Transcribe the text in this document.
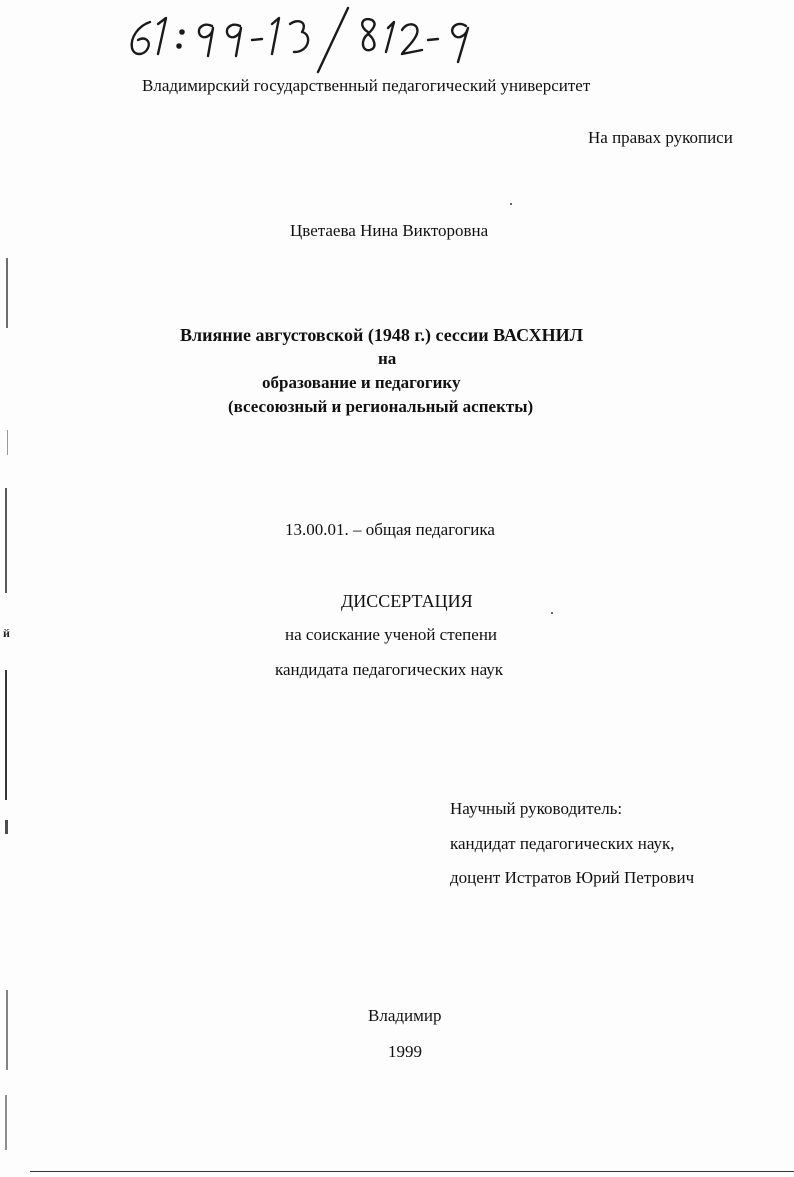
й

Владимирский государственный педагогический университет

На правах рукописи

Цветаева Нина Викторовна

Влияние августовской (1948 г.) сессии ВАСХНИЛ

на

образование и педагогику

(всесоюзный и региональный аспекты)

13.00.01. – общая педагогика

ДИССЕРТАЦИЯ

на соискание ученой степени

кандидата педагогических наук

Научный руководитель:

кандидат педагогических наук,

доцент Истратов Юрий Петрович

Владимир

1999
